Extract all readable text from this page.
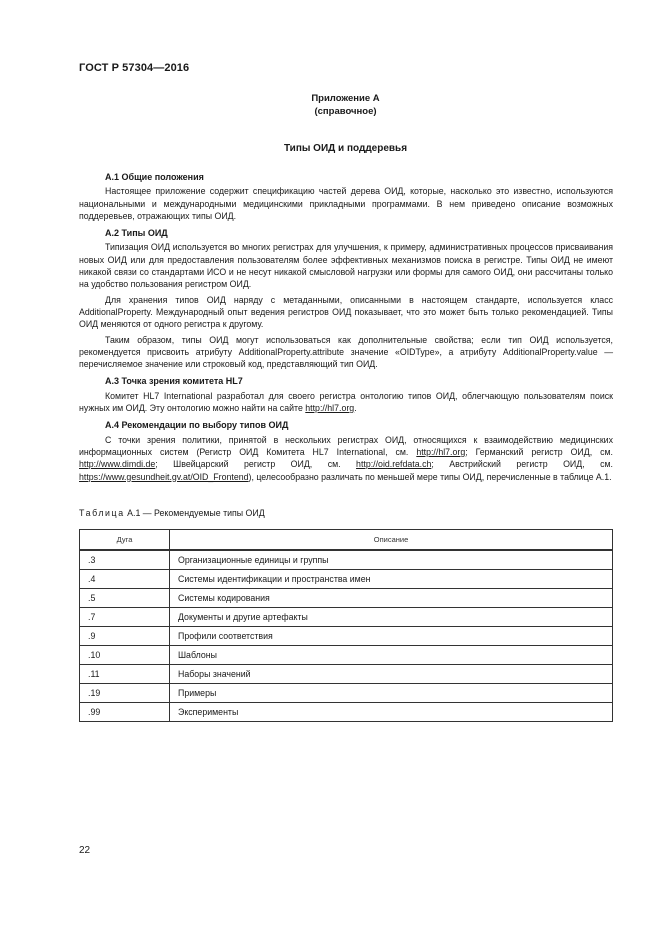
ГОСТ Р 57304—2016
Приложение А
(справочное)
Типы ОИД и поддеревья
А.1 Общие положения

Настоящее приложение содержит спецификацию частей дерева ОИД, которые, насколько это известно, используются национальными и международными медицинскими прикладными программами. В нем приведено описание возможных поддеревьев, отражающих типы ОИД.

А.2 Типы ОИД

Типизация ОИД используется во многих регистрах для улучшения, к примеру, административных процессов присваивания новых ОИД или для предоставления пользователям более эффективных механизмов поиска в регистре. Типы ОИД не имеют никакой связи со стандартами ИСО и не несут никакой смысловой нагрузки или формы для самого ОИД, они рассчитаны только на удобство пользования регистром ОИД.

Для хранения типов ОИД наряду с метаданными, описанными в настоящем стандарте, используется класс AdditionalProperty. Международный опыт ведения регистров ОИД показывает, что это может быть только рекомендацией. Типы ОИД меняются от одного регистра к другому.

Таким образом, типы ОИД могут использоваться как дополнительные свойства; если тип ОИД используется, рекомендуется присвоить атрибуту AdditionalProperty.attribute значение «OIDType», а атрибуту AdditionalProperty.value — перечисляемое значение или строковый код, представляющий тип ОИД.

А.3 Точка зрения комитета HL7

Комитет HL7 International разработал для своего регистра онтологию типов ОИД, облегчающую пользователям поиск нужных им ОИД. Эту онтологию можно найти на сайте http://hl7.org.

А.4 Рекомендации по выбору типов ОИД

С точки зрения политики, принятой в нескольких регистрах ОИД, относящихся к взаимодействию медицинских информационных систем (Регистр ОИД Комитета HL7 International, см. http://hl7.org; Германский регистр ОИД, см. http://www.dimdi.de; Швейцарский регистр ОИД, см. http://oid.refdata.ch; Австрийский регистр ОИД, см. https://www.gesundheit.gv.at/OID_Frontend), целесообразно различать по меньшей мере типы ОИД, перечисленные в таблице А.1.

Таблица А.1 — Рекомендуемые типы ОИД
Дуга	Описание
.3	Организационные единицы и группы
.4	Системы идентификации и пространства имен
.5	Системы кодирования
.7	Документы и другие артефакты
.9	Профили соответствия
.10	Шаблоны
.11	Наборы значений
.19	Примеры
.99	Эксперименты
22
